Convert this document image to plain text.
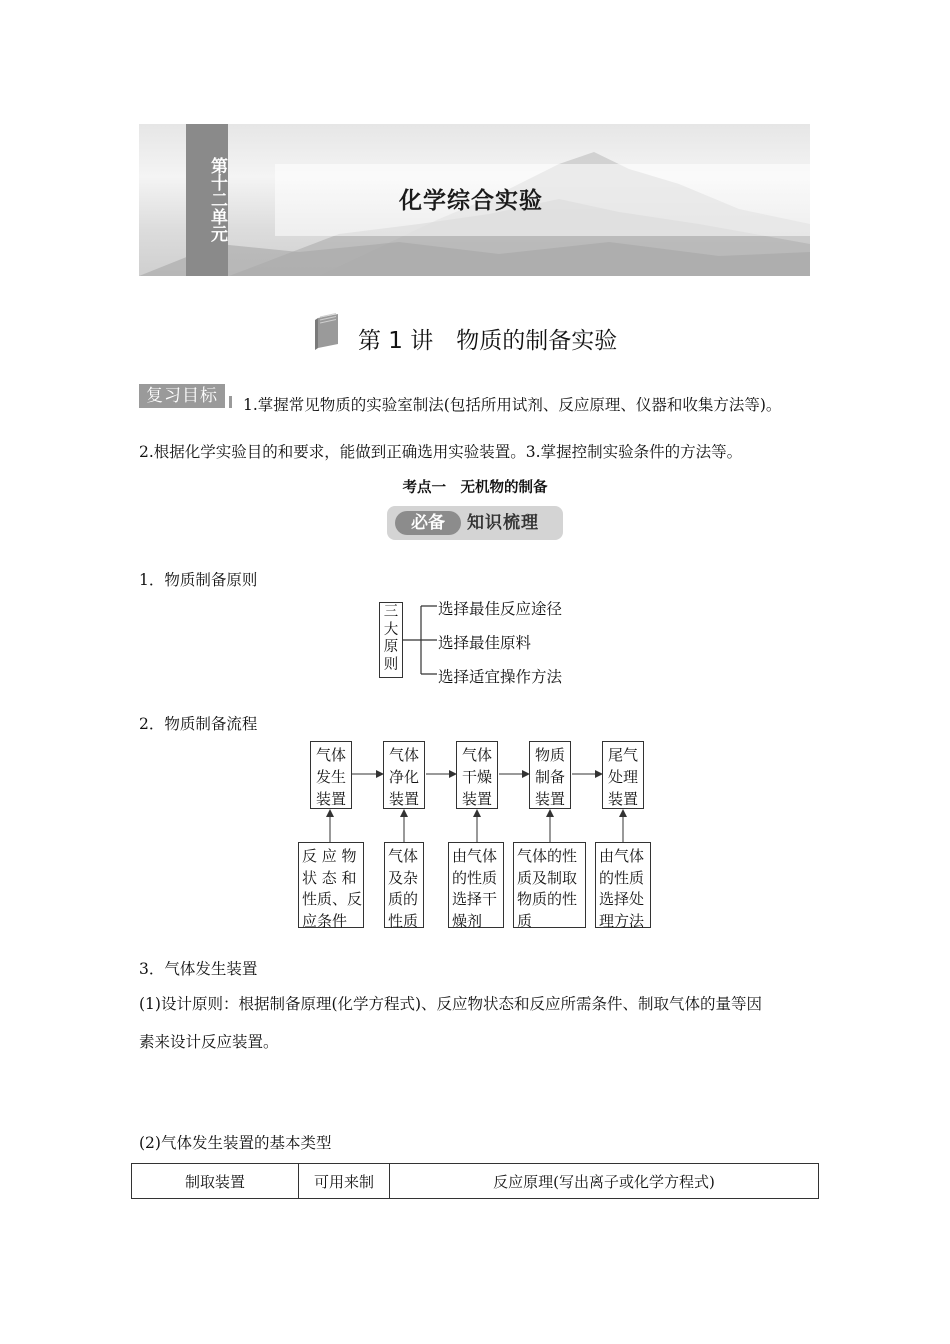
第十二单元	化学综合实验
第 1 讲　物质的制备实验
复习目标	1.掌握常见物质的实验室制法(包括所用试剂、反应原理、仪器和收集方法等)。
2.根据化学实验目的和要求，能做到正确选用实验装置。3.掌握控制实验条件的方法等。
考点一　无机物的制备
必备	知识梳理
1．物质制备原则
三
大
原
则
选择最佳反应途径
选择最佳原料
选择适宜操作方法
2．物质制备流程
气体
发生
装置
气体
净化
装置
气体
干燥
装置
物质
制备
装置
尾气
处理
装置
反 应 物
状 态 和
性质、反
应条件
气体
及杂
质的
性质
由气体
的性质
选择干
燥剂
气体的性
质及制取
物质的性
质
由气体
的性质
选择处
理方法
3．气体发生装置
(1)设计原则：根据制备原理(化学方程式)、反应物状态和反应所需条件、制取气体的量等因
素来设计反应装置。
(2)气体发生装置的基本类型
制取装置	可用来制	反应原理(写出离子或化学方程式)
